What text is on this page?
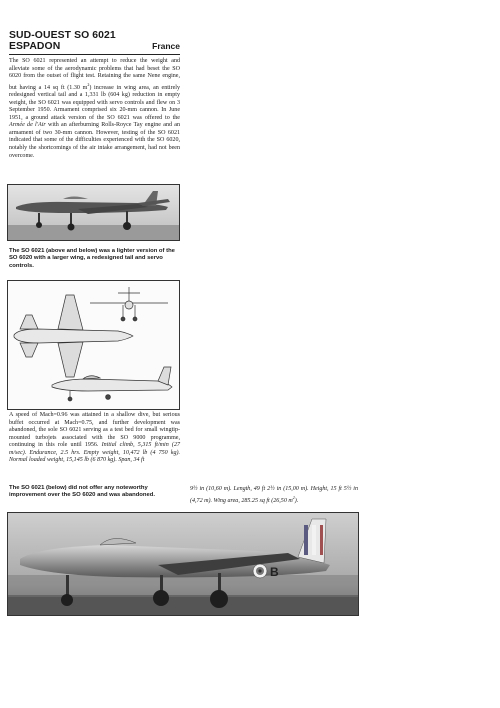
SUD-OUEST SO 6021
ESPADON	France
The SO 6021 represented an attempt to reduce the weight and alleviate some of the aerodynamic problems that had beset the SO 6020 from the outset of flight test. Retaining the same Nene engine, but having a 14 sq ft (1.30 $m^2$) increase in wing area, an entirely redesigned vertical tail and a 1,331 lb (604 kg) reduction in empty weight, the SO 6021 was equipped with servo controls and flew on 3 September 1950. Armament comprised six 20-mm cannon. In June 1951, a ground attack version of the SO 6021 was offered to the Armée de l'Air with an afterburning Rolls-Royce Tay engine and an armament of two 30-mm cannon. However, testing of the SO 6021 indicated that some of the difficulties experienced with the SO 6020, notably the shortcomings of the air intake arrangement, had not been overcome.
The SO 6021 (above and below) was a lighter version of the SO 6020 with a larger wing, a redesigned tail and servo controls.
A speed of Mach=0.96 was attained in a shallow dive, but serious buffet occurred at Mach=0.75, and further development was abandoned, the sole SO 6021 serving as a test bed for small wingtip-mounted turbojets associated with the SO 9000 programme, continuing in this role until 1956. Initial climb, 5,315 ft/min (27 m/sec). Endurance, 2.5 hrs. Empty weight, 10,472 lb (4 750 kg). Normal loaded weight, 15,145 lb (6 870 kg). Span, 34 ft
The SO 6021 (below) did not offer any noteworthy improvement over the SO 6020 and was abandoned.
9½ in (10,60 m). Length, 49 ft 2½ in (15,00 m). Height, 15 ft 5½ in (4,72 m). Wing area, 285.25 sq ft (26,50 $m^2$).
B
